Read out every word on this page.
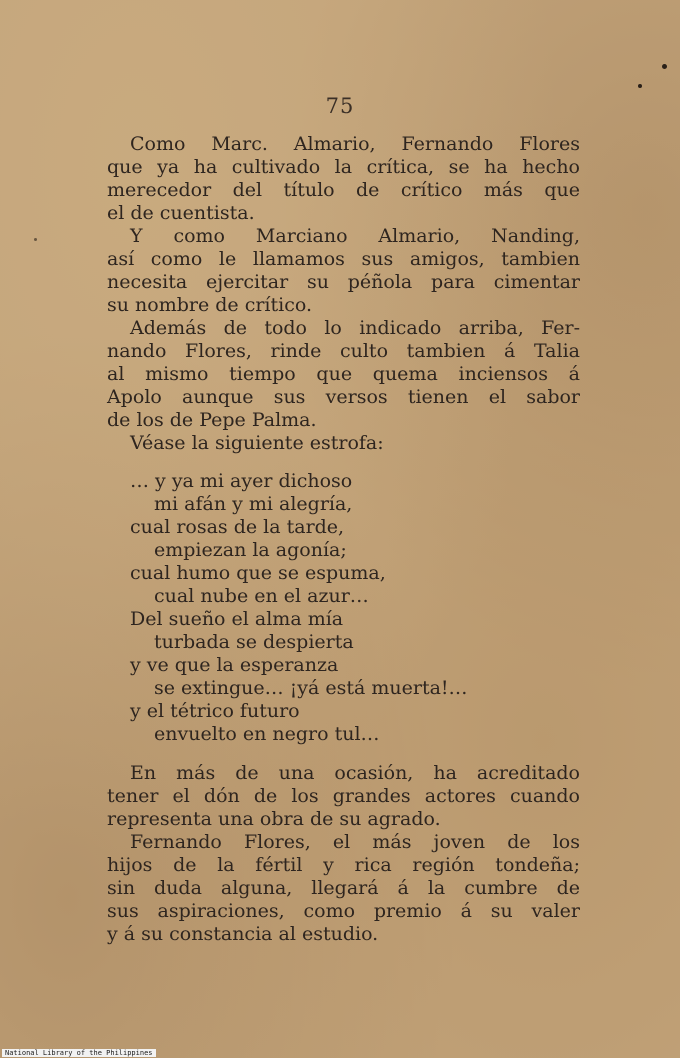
75
Como Marc. Almario, Fernando Flores
que ya ha cultivado la crítica, se ha hecho
merecedor del título de crítico más que
el de cuentista.
Y como Marciano Almario, Nanding,
así como le llamamos sus amigos, tambien
necesita ejercitar su péñola para cimentar
su nombre de crítico.
Además de todo lo indicado arriba, Fer-
nando Flores, rinde culto tambien á Talia
al mismo tiempo que quema inciensos á
Apolo aunque sus versos tienen el sabor
de los de Pepe Palma.
Véase la siguiente estrofa:
… y ya mi ayer dichoso
mi afán y mi alegría,
cual rosas de la tarde,
empiezan la agonía;
cual humo que se espuma,
cual nube en el azur…
Del sueño el alma mía
turbada se despierta
y ve que la esperanza
se extingue… ¡yá está muerta!…
y el tétrico futuro
envuelto en negro tul…
En más de una ocasión, ha acreditado
tener el dón de los grandes actores cuando
representa una obra de su agrado.
Fernando Flores, el más joven de los
hijos de la fértil y rica región tondeña;
sin duda alguna, llegará á la cumbre de
sus aspiraciones, como premio á su valer
y á su constancia al estudio.
National Library of the Philippines
